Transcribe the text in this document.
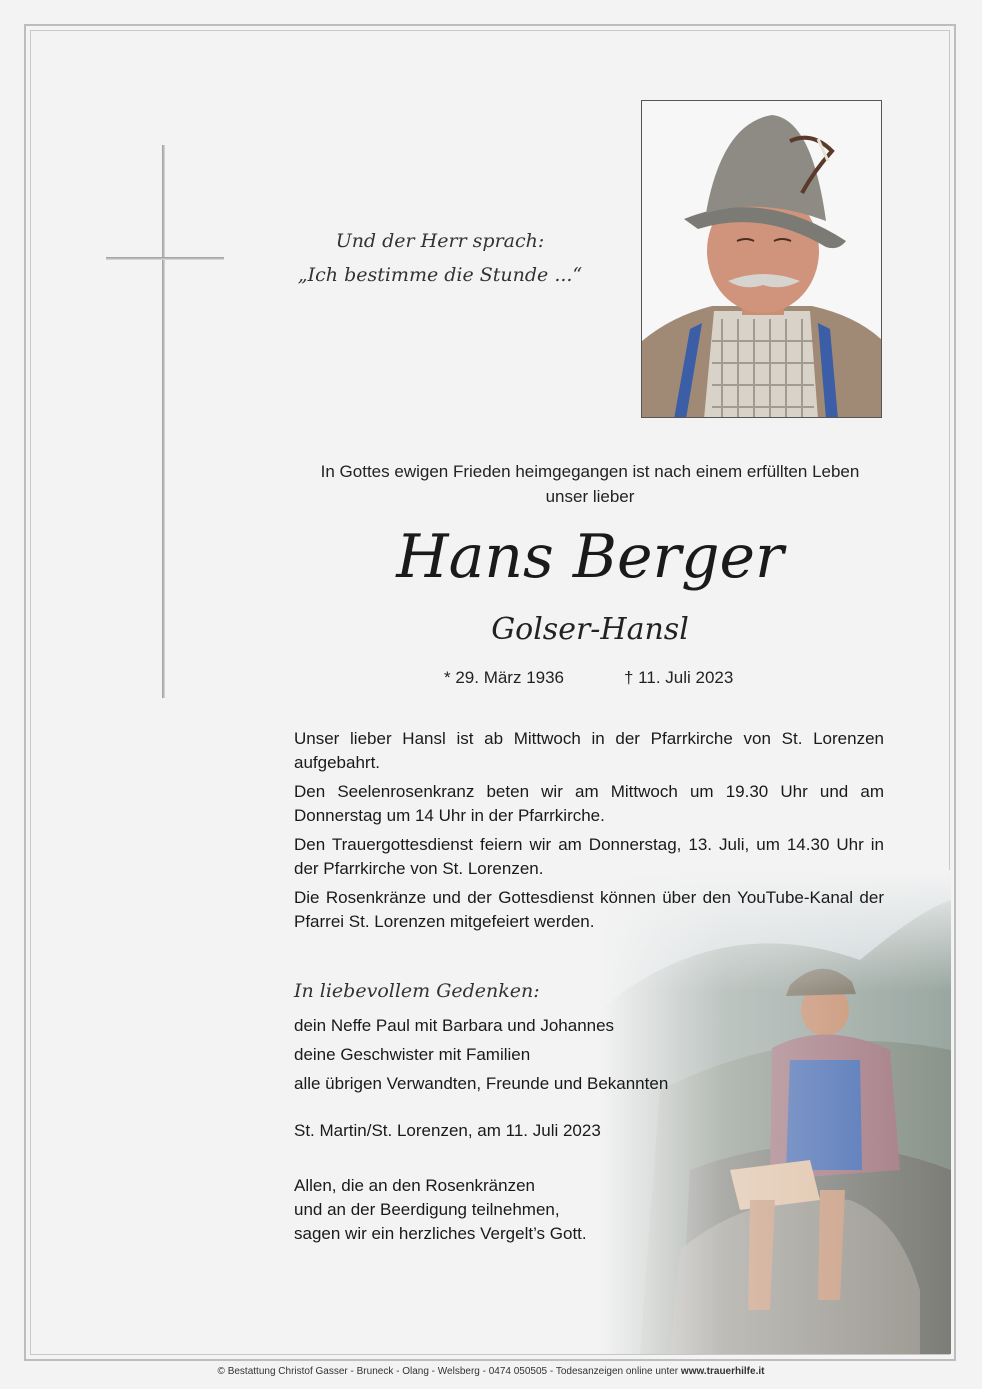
Und der Herr sprach:
„Ich bestimme die Stunde ...“
In Gottes ewigen Frieden heimgegangen ist nach einem erfüllten Leben
unser lieber
Hans Berger
Golser-Hansl
* 29. März 1936	† 11. Juli 2023

Unser lieber Hansl ist ab Mittwoch in der Pfarrkirche von St. Lorenzen aufgebahrt.

Den Seelenrosenkranz beten wir am Mittwoch um 19.30 Uhr und am Donnerstag um 14 Uhr in der Pfarrkirche.

Den Trauergottesdienst feiern wir am Donnerstag, 13. Juli, um 14.30 Uhr in der Pfarrkirche von St. Lorenzen.

Die Rosenkränze und der Gottesdienst können über den YouTube-Kanal der Pfarrei St. Lorenzen mitgefeiert werden.

In liebevollem Gedenken:
dein Neffe Paul mit Barbara und Johannes
deine Geschwister mit Familien
alle übrigen Verwandten, Freunde und Bekannten
St. Martin/St. Lorenzen, am 11. Juli 2023
Allen, die an den Rosenkränzen
und an der Beerdigung teilnehmen,
sagen wir ein herzliches Vergelt’s Gott.
© Bestattung Christof Gasser - Bruneck - Olang - Welsberg - 0474 050505 - Todesanzeigen online unter www.trauerhilfe.it
